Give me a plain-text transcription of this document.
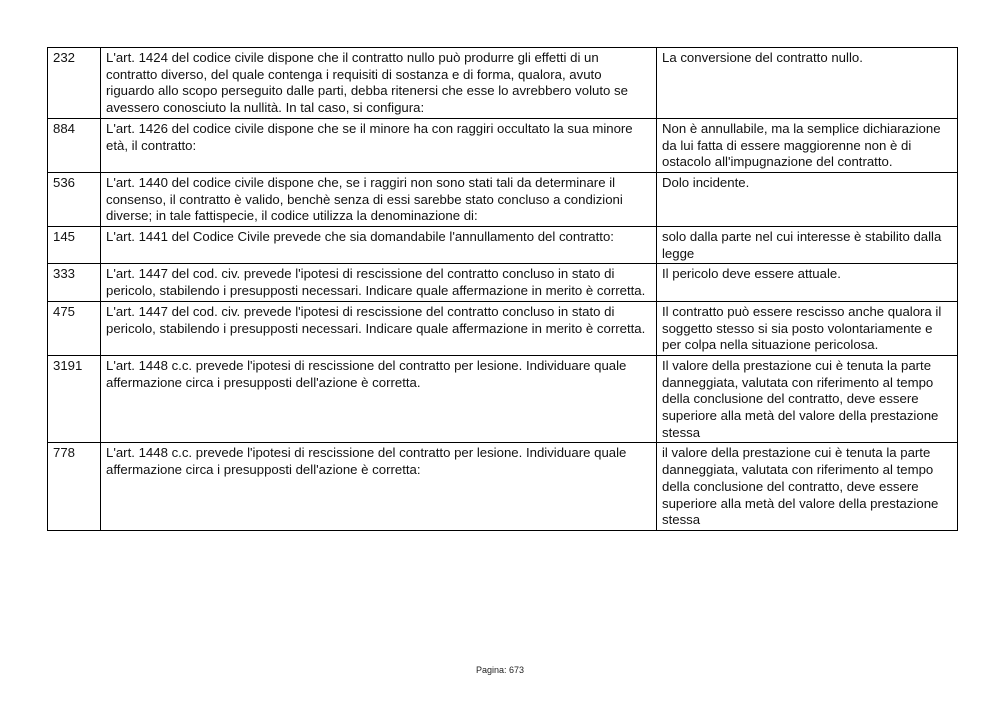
232	L'art. 1424 del codice civile dispone che il contratto nullo può produrre gli effetti di un contratto diverso, del quale contenga i requisiti di sostanza e di forma, qualora, avuto riguardo allo scopo perseguito dalle parti, debba ritenersi che esse lo avrebbero voluto se avessero conosciuto la nullità. In tal caso, si configura:	La conversione del contratto nullo.
884	L'art. 1426 del codice civile dispone che se il minore ha con raggiri occultato la sua minore età, il contratto:	Non è annullabile, ma la semplice dichiarazione da lui fatta di essere maggiorenne non è di ostacolo all'impugnazione del contratto.
536	L'art. 1440 del codice civile dispone che, se i raggiri non sono stati tali da determinare il consenso, il contratto è valido, benchè senza di essi sarebbe stato concluso a condizioni diverse; in tale fattispecie, il codice utilizza la denominazione di:	Dolo incidente.
145	L'art. 1441 del Codice Civile prevede che sia domandabile l'annullamento del contratto:	solo dalla parte nel cui interesse è stabilito dalla legge
333	L'art. 1447 del cod. civ. prevede l'ipotesi di rescissione del contratto concluso in stato di pericolo, stabilendo i presupposti necessari. Indicare quale affermazione in merito è corretta.	Il pericolo deve essere attuale.
475	L'art. 1447 del cod. civ. prevede l'ipotesi di rescissione del contratto concluso in stato di pericolo, stabilendo i presupposti necessari. Indicare quale affermazione in merito è corretta.	Il contratto può essere rescisso anche qualora il soggetto stesso si sia posto volontariamente e per colpa nella situazione pericolosa.
3191	L'art. 1448 c.c. prevede l'ipotesi di rescissione del contratto per lesione. Individuare quale affermazione circa i presupposti dell'azione è corretta.	Il valore della prestazione cui è tenuta la parte danneggiata, valutata con riferimento al tempo della conclusione del contratto, deve essere superiore alla metà del valore della prestazione stessa
778	L'art. 1448 c.c. prevede l'ipotesi di rescissione del contratto per lesione. Individuare quale affermazione circa i presupposti dell'azione è corretta:	il valore della prestazione cui è tenuta la parte danneggiata, valutata con riferimento al tempo della conclusione del contratto, deve essere superiore alla metà del valore della prestazione stessa
Pagina: 673
